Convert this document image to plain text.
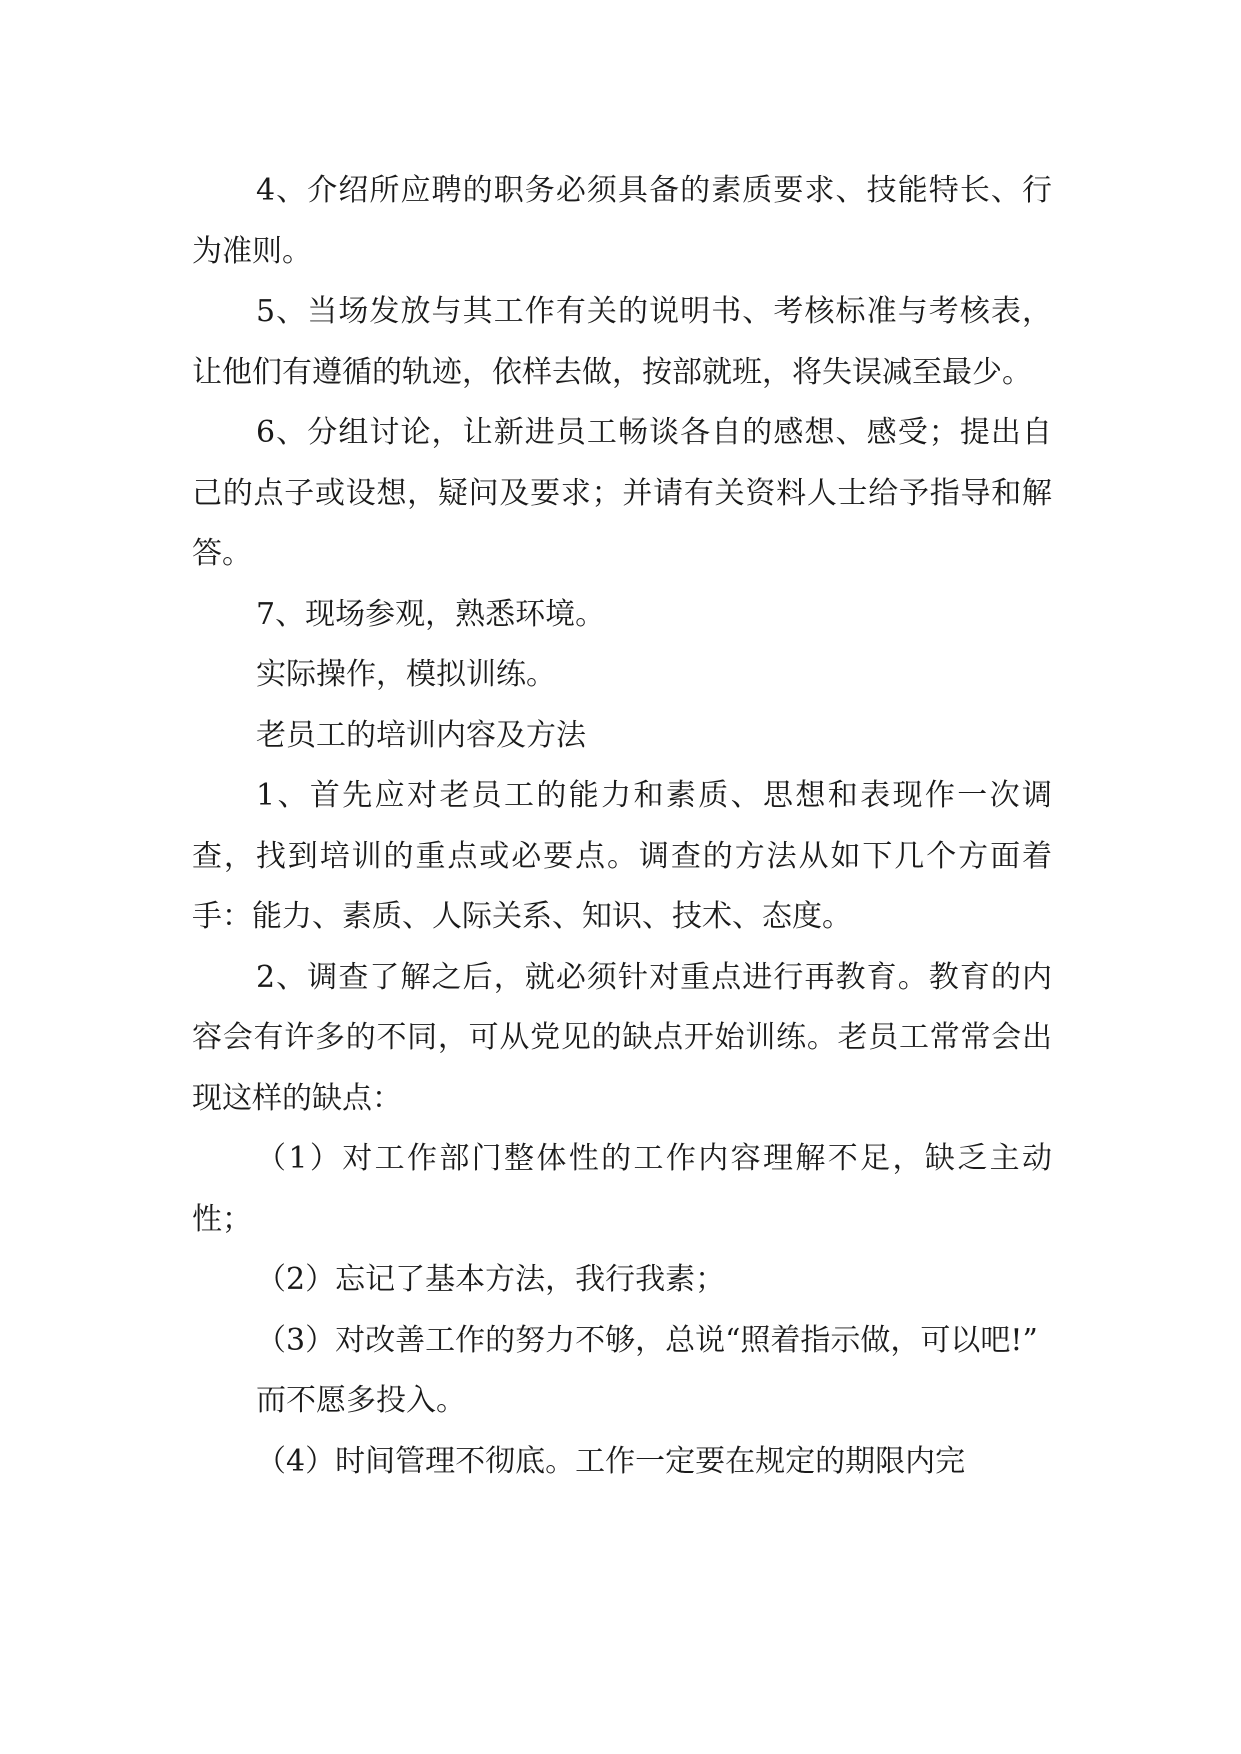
4、介绍所应聘的职务必须具备的素质要求、技能特长、行为准则。

5、当场发放与其工作有关的说明书、考核标准与考核表，让他们有遵循的轨迹，依样去做，按部就班，将失误减至最少。

6、分组讨论，让新进员工畅谈各自的感想、感受；提出自己的点子或设想，疑问及要求；并请有关资料人士给予指导和解答。

7、现场参观，熟悉环境。

实际操作，模拟训练。

老员工的培训内容及方法

1、首先应对老员工的能力和素质、思想和表现作一次调查，找到培训的重点或必要点。调查的方法从如下几个方面着手：能力、素质、人际关系、知识、技术、态度。

2、调查了解之后，就必须针对重点进行再教育。教育的内容会有许多的不同，可从党见的缺点开始训练。老员工常常会出现这样的缺点：

（1）对工作部门整体性的工作内容理解不足，缺乏主动性；

（2）忘记了基本方法，我行我素；

（3）对改善工作的努力不够，总说“照着指示做，可以吧!”

而不愿多投入。

（4）时间管理不彻底。工作一定要在规定的期限内完
